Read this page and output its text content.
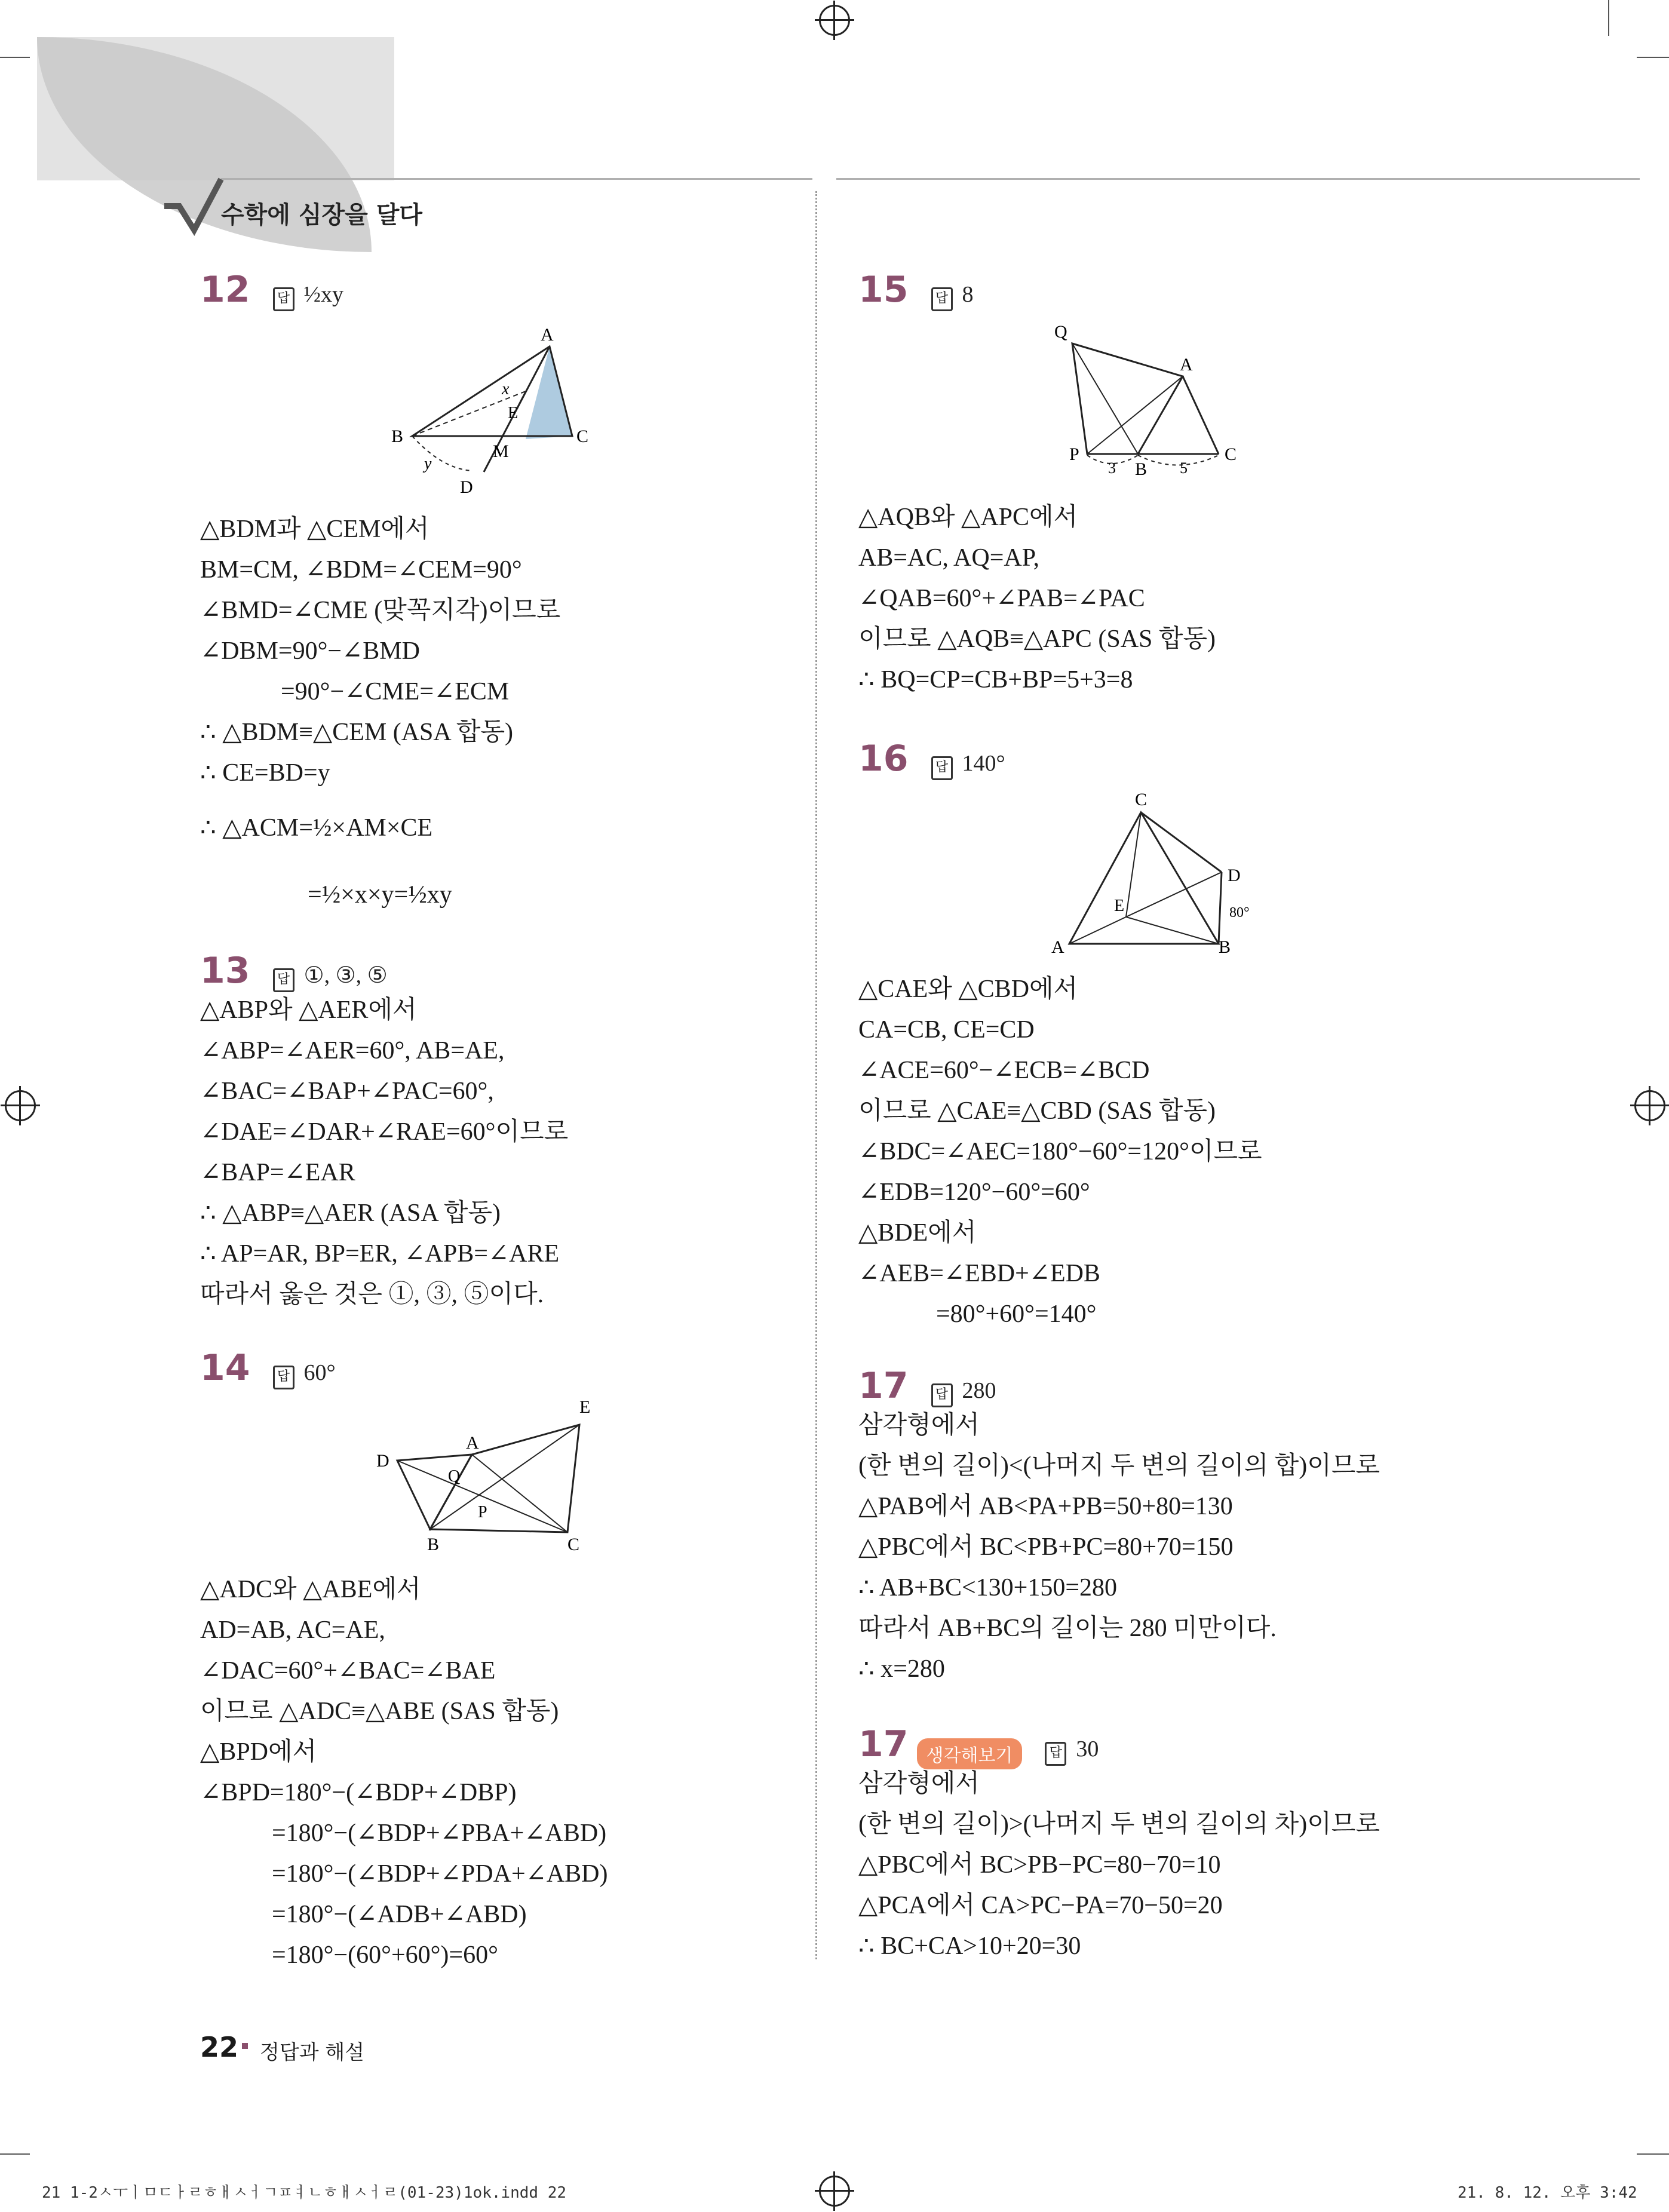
수학에 심장을 달다
12 답 ½xy
A
B	C
D
E
M
x
y
△BDM과 △CEM에서
BM=CM, ∠BDM=∠CEM=90°
∠BMD=∠CME (맞꼭지각)이므로
∠DBM=90°−∠BMD
=90°−∠CME=∠ECM
∴ △BDM≡△CEM (ASA 합동)
∴ CE=BD=y
∴ △ACM=½×AM×CE
=½×x×y=½xy
13 답 ①, ③, ⑤
△ABP와 △AER에서
∠ABP=∠AER=60°, AB=AE,
∠BAC=∠BAP+∠PAC=60°,
∠DAE=∠DAR+∠RAE=60°이므로
∠BAP=∠EAR
∴ △ABP≡△AER (ASA 합동)
∴ AP=AR, BP=ER, ∠APB=∠ARE
따라서 옳은 것은 ①, ③, ⑤이다.
14 답 60°
E
D
A
Q
P
B	C
△ADC와 △ABE에서
AD=AB, AC=AE,
∠DAC=60°+∠BAC=∠BAE
이므로 △ADC≡△ABE (SAS 합동)
△BPD에서
∠BPD=180°−(∠BDP+∠DBP)
=180°−(∠BDP+∠PBA+∠ABD)
=180°−(∠BDP+∠PDA+∠ABD)
=180°−(∠ADB+∠ABD)
=180°−(60°+60°)=60°
15 답 8
Q
A
P
B
C
3	5
△AQB와 △APC에서
AB=AC, AQ=AP,
∠QAB=60°+∠PAB=∠PAC
이므로 △AQB≡△APC (SAS 합동)
∴ BQ=CP=CB+BP=5+3=8
16 답 140°
C
D
E
A	B
80°
△CAE와 △CBD에서
CA=CB, CE=CD
∠ACE=60°−∠ECB=∠BCD
이므로 △CAE≡△CBD (SAS 합동)
∠BDC=∠AEC=180°−60°=120°이므로
∠EDB=120°−60°=60°
△BDE에서
∠AEB=∠EBD+∠EDB
=80°+60°=140°
17 답 280
삼각형에서
(한 변의 길이)<(나머지 두 변의 길이의 합)이므로
△PAB에서 AB<PA+PB=50+80=130
△PBC에서 BC<PB+PC=80+70=150
∴ AB+BC<130+150=280
따라서 AB+BC의 길이는 280 미만이다.
∴ x=280
17 생각해보기	답 30
삼각형에서
(한 변의 길이)>(나머지 두 변의 길이의 차)이므로
△PBC에서 BC>PB−PC=80−70=10
△PCA에서 CA>PC−PA=70−50=20
∴ BC+CA>10+20=30
22 정답과 해설
21 1-2ㅅㅜㅣㅁㄷㅏㄹㅎㅐㅅㅓㄱㅍㅕㄴㅎㅐㅅㅓㄹ(01-23)1ok.indd 22	21. 8. 12. 오후 3:42
